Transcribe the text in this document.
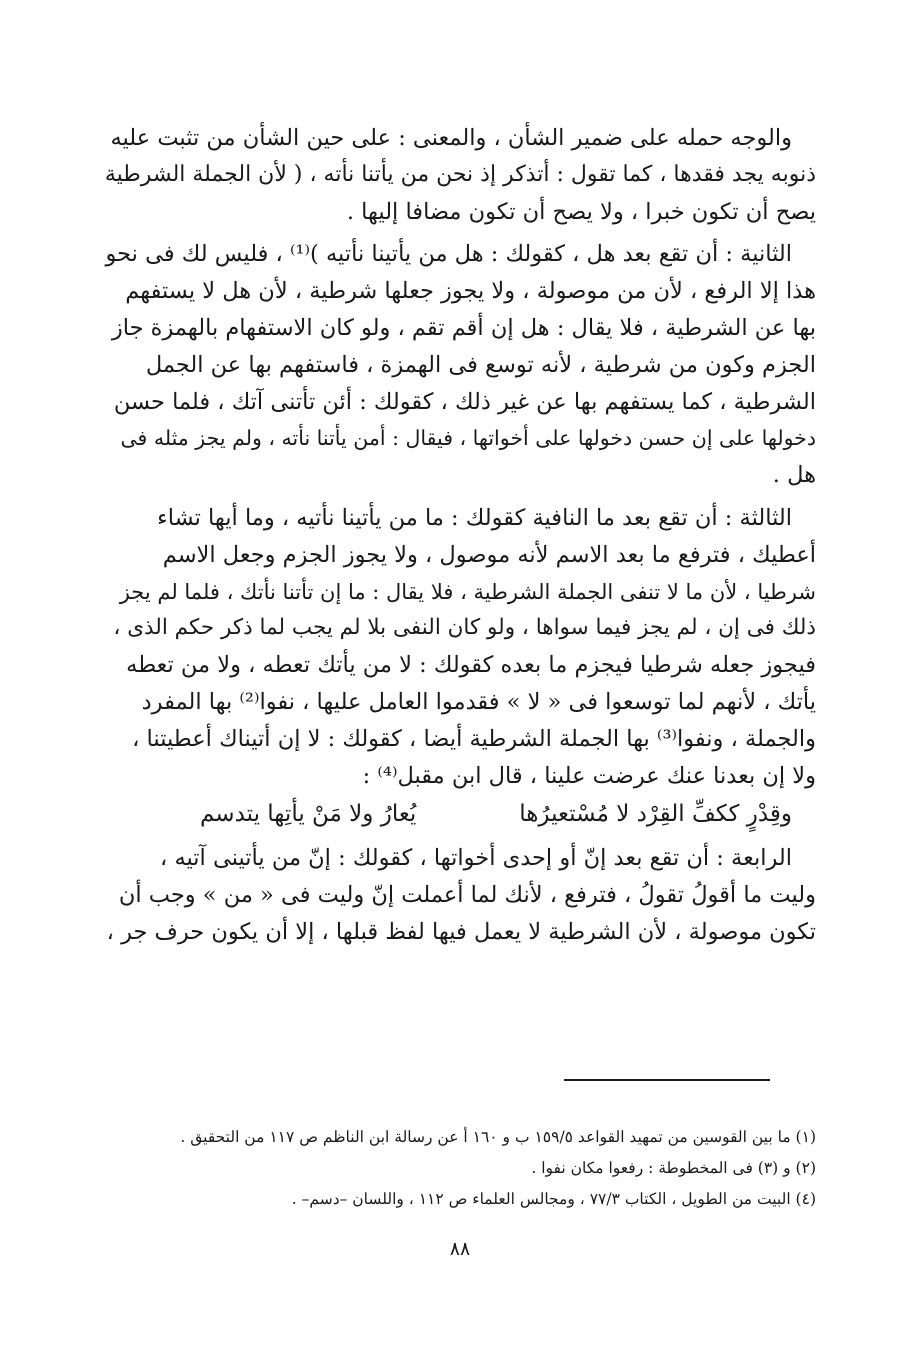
والوجه حمله على ضمير الشأن ، والمعنى : على حين الشأن من تثبت عليه
ذنوبه يجد فقدها ، كما تقول : أتذكر إذ نحن من يأتنا نأته ، ( لأن الجملة الشرطية
يصح أن تكون خبرا ، ولا يصح أن تكون مضافا إليها .

الثانية : أن تقع بعد هل ، كقولك : هل من يأتينا نأتيه )⁽¹⁾ ، فليس لك فى نحو
هذا إلا الرفع ، لأن من موصولة ، ولا يجوز جعلها شرطية ، لأن هل لا يستفهم
بها عن الشرطية ، فلا يقال : هل إن أقم تقم ، ولو كان الاستفهام بالهمزة جاز
الجزم وكون من شرطية ، لأنه توسع فى الهمزة ، فاستفهم بها عن الجمل
الشرطية ، كما يستفهم بها عن غير ذلك ، كقولك : أئن تأتنى آتك ، فلما حسن
دخولها على إن حسن دخولها على أخواتها ، فيقال : أمن يأتنا نأته ، ولم يجز مثله فى
هل .

الثالثة : أن تقع بعد ما النافية كقولك : ما من يأتينا نأتيه ، وما أيها تشاء
أعطيك ، فترفع ما بعد الاسم لأنه موصول ، ولا يجوز الجزم وجعل الاسم
شرطيا ، لأن ما لا تنفى الجملة الشرطية ، فلا يقال : ما إن تأتنا نأتك ، فلما لم يجز
ذلك فى إن ، لم يجز فيما سواها ، ولو كان النفى بلا لم يجب لما ذكر حكم الذى ،
فيجوز جعله شرطيا فيجزم ما بعده كقولك : لا من يأتك تعطه ، ولا من تعطه
يأتك ، لأنهم لما توسعوا فى « لا » فقدموا العامل عليها ، نفوا⁽²⁾ بها المفرد
والجملة ، ونفوا⁽³⁾ بها الجملة الشرطية أيضا ، كقولك : لا إن أتيناك أعطيتنا ،
ولا إن بعدنا عنك عرضت علينا ، قال ابن مقبل⁽⁴⁾ :

وقِدْرٍ ككفِّ القِرْد لا مُسْتعيرُها
يُعارُ ولا مَنْ يأتِها يتدسم

الرابعة : أن تقع بعد إنّ أو إحدى أخواتها ، كقولك : إنّ من يأتينى آتيه ،
وليت ما أقولُ تقولُ ، فترفع ، لأنك لما أعملت إنّ وليت فى « من » وجب أن
تكون موصولة ، لأن الشرطية لا يعمل فيها لفظ قبلها ، إلا أن يكون حرف جر ،

(١) ما بين القوسين من تمهيد القواعد ١٥٩/٥ ب و ١٦٠ أ عن رسالة ابن الناظم ص ١١٧ من التحقيق .
(٢) و (٣) فى المخطوطة : رفعوا مكان نفوا .
(٤) البيت من الطويل ، الكتاب ٧٧/٣ ، ومجالس العلماء ص ١١٢ ، واللسان –دسم– .
٨٨
